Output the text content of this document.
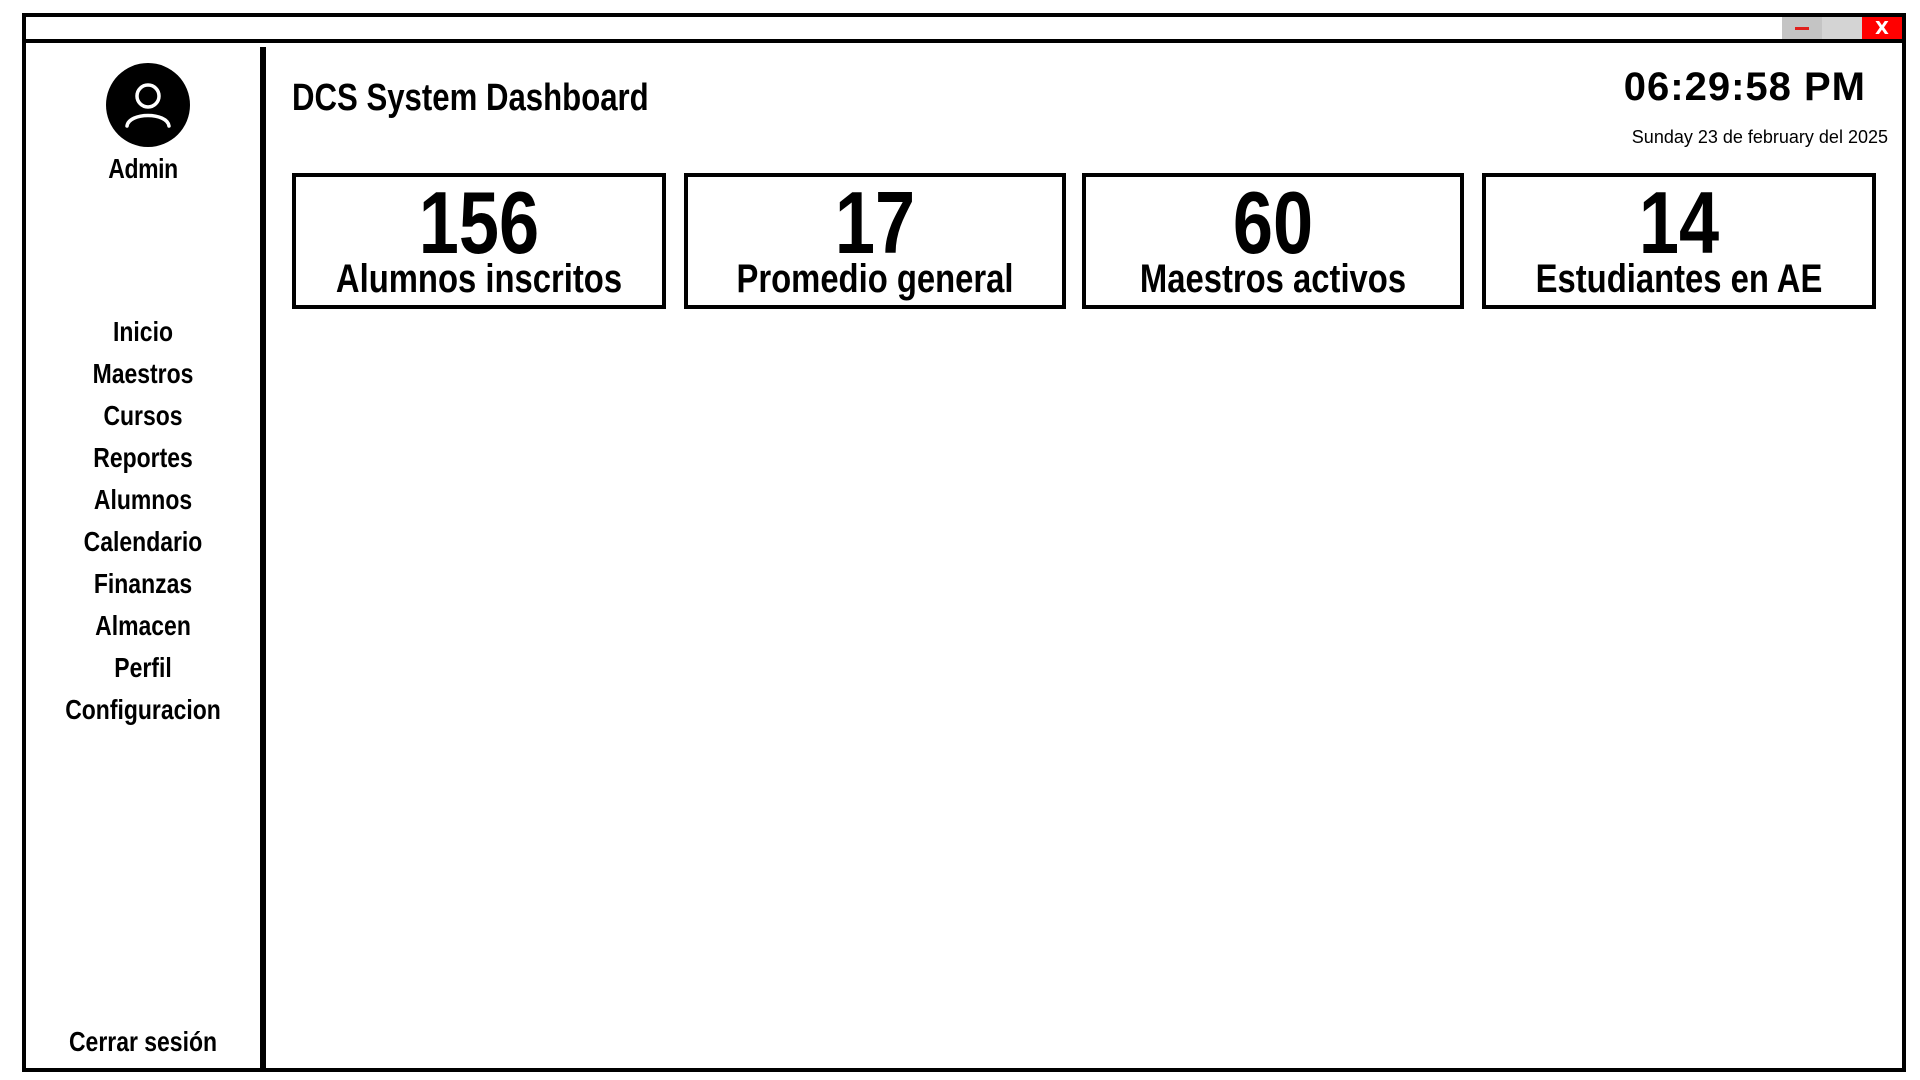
X
Admin
Inicio
Maestros
Cursos
Reportes
Alumnos
Calendario
Finanzas
Almacen
Perfil
Configuracion
Cerrar sesión
DCS System Dashboard	06:29:58 PM
Sunday 23 de february del 2025
156
Alumnos inscritos
17
Promedio general
60
Maestros activos
14
Estudiantes en AE
